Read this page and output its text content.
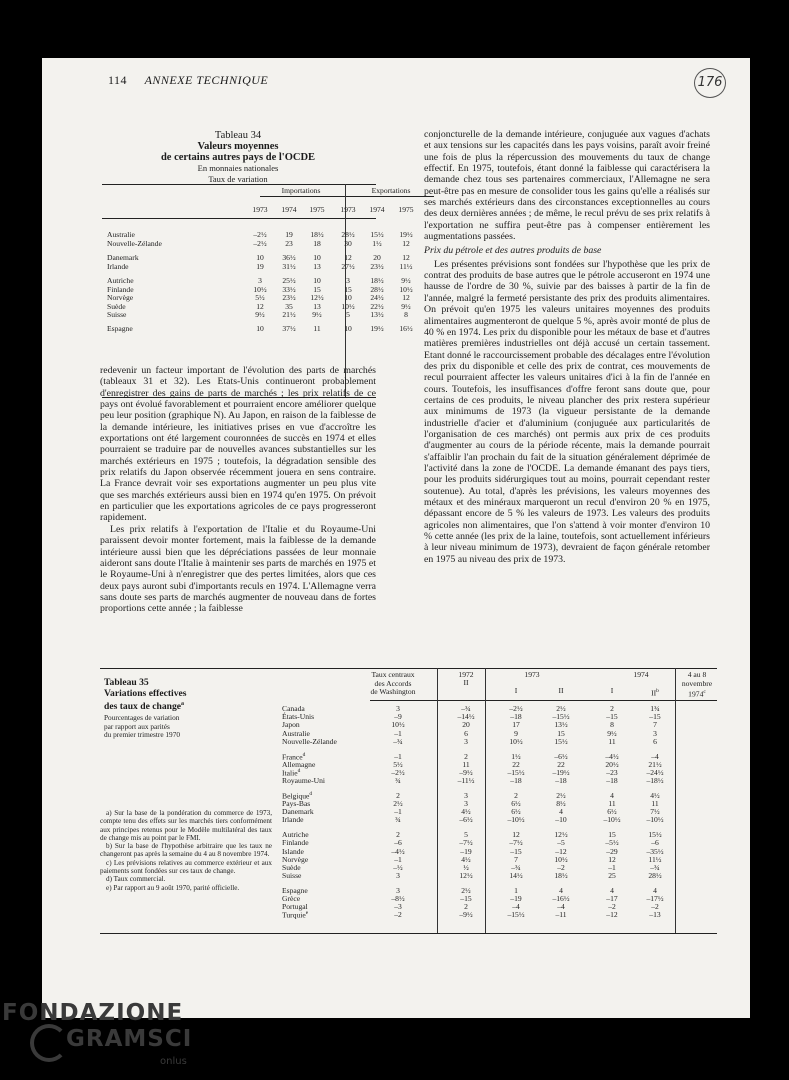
114 ANNEXE TECHNIQUE	176
Tableau 34
Valeurs moyennes
de certains autres pays de l'OCDE
En monnaies nationales
Taux de variation
Importations	Exportations
1973	1974	1975	1973	1974	1975
Australie	–2½	19	18½	28½	15½	19½
Nouvelle-Zélande	–2½	23	18	30	1½	12
Danemark	10	36½	10	12	20	12
Irlande	19	31½	13	27½	23½	11½
Autriche	3	25½	10	3	18½	9½
Finlande	10½	33½	15	15	28½	10½
Norvège	5½	23½	12½	10	24½	12
Suède	12	35	13	10½	22½	9½
Suisse	9½	21½	9½	5	13½	8
Espagne	10	37½	11	10	19½	16½

redevenir un facteur important de l'évolution des parts de marchés (tableaux 31 et 32). Les Etats-Unis continueront probablement d'enregistrer des gains de parts de marchés ; les prix relatifs de ce pays ont évolué favorablement et pourraient encore améliorer quelque peu leur position (graphique N). Au Japon, en raison de la faiblesse de la demande intérieure, les initiatives prises en vue d'accroître les exportations ont été largement couronnées de succès en 1974 et elles pourraient se traduire par de nouvelles avances substantielles sur les marchés extérieurs en 1975 ; toutefois, la dégradation sensible des prix relatifs du Japon observée récemment jouera en sens contraire. La France devrait voir ses exportations augmenter un peu plus vite que ses marchés extérieurs aussi bien en 1974 qu'en 1975. On prévoit en particulier que les exportations agricoles de ce pays progresseront rapidement.

Les prix relatifs à l'exportation de l'Italie et du Royaume-Uni paraissent devoir monter fortement, mais la faiblesse de la demande intérieure aussi bien que les dépréciations passées de leur monnaie aideront sans doute l'Italie à maintenir ses parts de marchés en 1975 et le Royaume-Uni à n'enregistrer que des pertes limitées, alors que ces deux pays auront subi d'importants reculs en 1974. L'Allemagne verra sans doute ses parts de marchés augmenter de nouveau dans de fortes proportions cette année ; la faiblesse

conjoncturelle de la demande intérieure, conjuguée aux vagues d'achats et aux tensions sur les capacités dans les pays voisins, paraît avoir freiné une fois de plus la répercussion des mouvements du taux de change effectif. En 1975, toutefois, étant donné la faiblesse qui caractérisera la demande chez tous ses partenaires commerciaux, l'Allemagne ne sera peut-être pas en mesure de consolider tous les gains qu'elle a réalisés sur ses marchés extérieurs dans des circonstances exceptionnelles au cours des deux dernières années ; de même, le recul prévu de ses prix relatifs à l'exportation ne suffira peut-être pas à compenser entièrement les augmentations passées.

Prix du pétrole et des autres produits de base

Les présentes prévisions sont fondées sur l'hypothèse que les prix de contrat des produits de base autres que le pétrole accuseront en 1974 une hausse de l'ordre de 30 %, suivie par des baisses à partir de la fin de l'année, malgré la fermeté persistante des prix des produits alimentaires. On prévoit qu'en 1975 les valeurs unitaires moyennes des produits alimentaires augmenteront de quelque 5 %, après avoir monté de plus de 40 % en 1974. Les prix du disponible pour les métaux de base et d'autres matières premières industrielles ont déjà accusé un certain tassement. Etant donné le raccourcissement probable des décalages entre l'évolution des prix du disponible et celle des prix de contrat, ces mouvements de recul pourraient affecter les valeurs unitaires d'ici à la fin de l'année en cours. Toutefois, les insuffisances d'offre feront sans doute que, pour certains de ces produits, le niveau plancher des prix restera supérieur aux minimums de 1973 (la vigueur persistante de la demande industrielle d'acier et d'aluminium (conjuguée aux particularités de l'organisation de ces marchés) ont permis aux prix de ces produits d'augmenter au cours de la période récente, mais la demande pourrait s'affaiblir l'an prochain du fait de la situation généralement déprimée de l'activité dans la zone de l'OCDE. La demande émanant des pays tiers, pour les produits sidérurgiques tout au moins, pourrait cependant rester soutenue). Au total, d'après les prévisions, les valeurs moyennes des métaux et des minéraux marqueront un recul d'environ 20 % en 1975, dépassant encore de 5 % les valeurs de 1973. Les valeurs des produits agricoles non alimentaires, que l'on s'attend à voir monter d'environ 10 % cette année (les prix de la laine, toutefois, sont actuellement inférieurs à leur niveau minimum de 1973), devraient de façon générale retomber en 1975 au niveau des prix de 1973.

Tableau 35
Variations effectives
des taux de change$^a$
Pourcentages de variation
par rapport aux parités
du premier trimestre 1970

a) Sur la base de la pondération du commerce de 1973, compte tenu des effets sur les marchés tiers conformément aux principes retenus pour le Modèle multilatéral des taux de change mis au point par le FMI.

b) Sur la base de l'hypothèse arbitraire que les taux ne changeront pas après la semaine du 4 au 8 novembre 1974.

c) Les prévisions relatives au commerce extérieur et aux paiements sont fondées sur ces taux de change.

d) Taux commercial.

e) Par rapport au 9 août 1970, parité officielle.

Taux centraux
des Accords
de Washington
1972	1973	1974	4 au 8
novembre
1974$^c$
II
I	II	I	$II^b$
Canada	3	–¾	–2½	2½	2	1¾
États-Unis	–9	–14½	–18	–15½	–15	–15
Japon	10½	20	17	13½	8	7
Australie	–1	6	9	15	9½	3
Nouvelle-Zélande	–¾	3	10½	15½	11	6
France$^d$	–1	2	1½	–6½	–4½	–4
Allemagne	5½	11	22	22	20½	21½
Italie$^d$	–2½	–9½	–15½	–19½	–23	–24½
Royaume-Uni	¾	–11½	–18	–18	–18	–18½
Belgique$^d$	2	3	2	2½	4	4½
Pays-Bas	2½	3	6½	8½	11	11
Danemark	–1	4½	6½	4	6½	7½
Irlande	¾	–6½	–10½	–10	–10½	–10½
Autriche	2	5	12	12½	15	15½
Finlande	–6	–7½	–7½	–5	–5½	–6
Islande	–4½	–19	–15	–12	–29	–35½
Norvège	–1	4½	7	10½	12	11½
Suède	–½	½	–¾	–2	–1	–¾
Suisse	3	12½	14½	18½	25	28½
Espagne	3	2½	1	4	4	4
Grèce	–8½	–15	–19	–16½	–17	–17½
Portugal	–3	2	–4	–4	–2	–2
Turquie$^e$	–2	–9½	–15½	–11	–12	–13
FONDAZIONE
GRAMSCI
onlus
